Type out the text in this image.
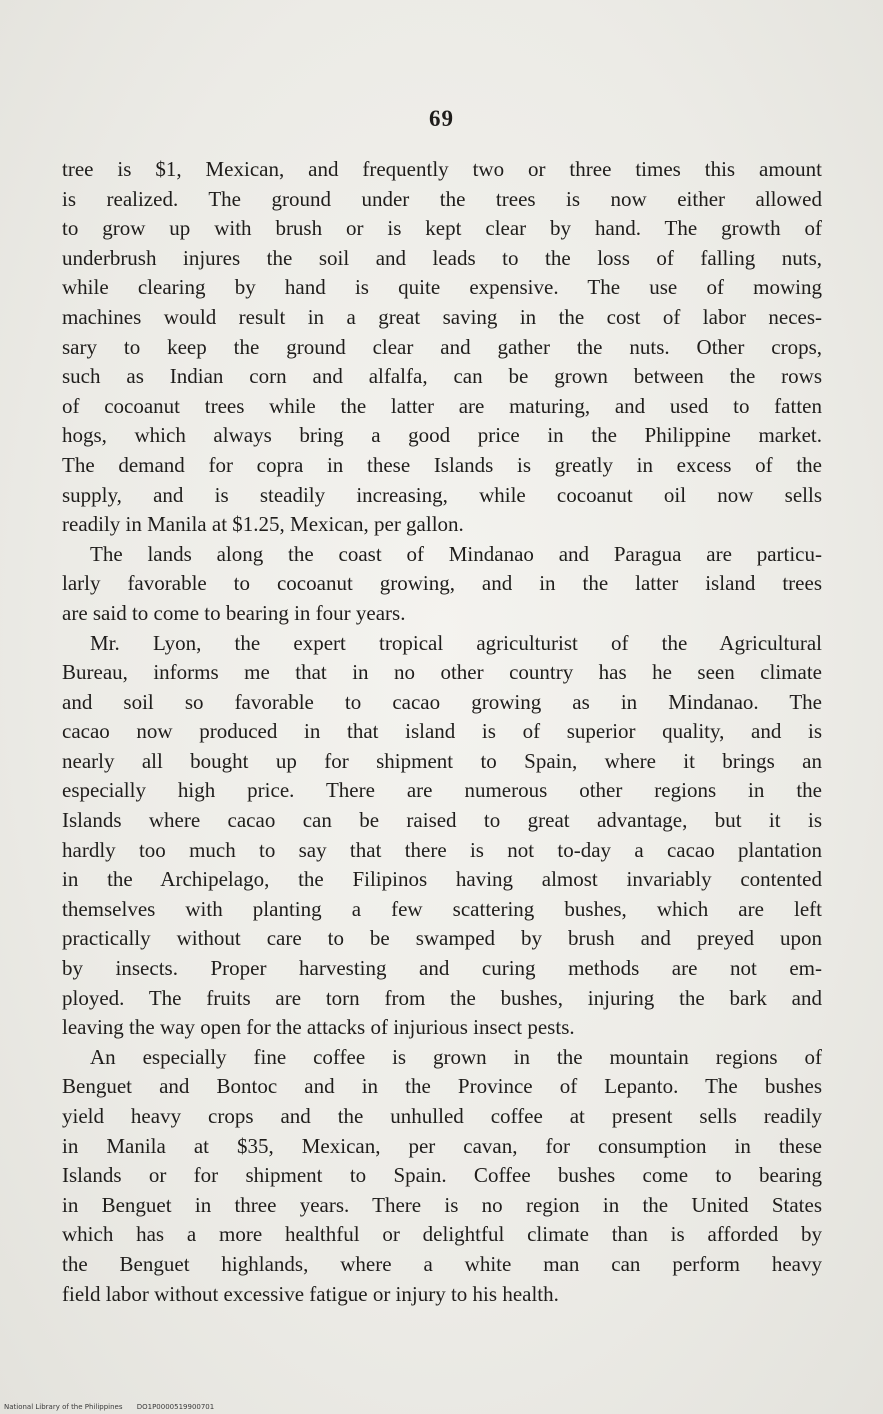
69

tree is $1, Mexican, and frequently two or three times this amount
is realized. The ground under the trees is now either allowed
to grow up with brush or is kept clear by hand. The growth of
underbrush injures the soil and leads to the loss of falling nuts,
while clearing by hand is quite expensive. The use of mowing
machines would result in a great saving in the cost of labor neces-
sary to keep the ground clear and gather the nuts. Other crops,
such as Indian corn and alfalfa, can be grown between the rows
of cocoanut trees while the latter are maturing, and used to fatten
hogs, which always bring a good price in the Philippine market.
The demand for copra in these Islands is greatly in excess of the
supply, and is steadily increasing, while cocoanut oil now sells
readily in Manila at $1.25, Mexican, per gallon.

The lands along the coast of Mindanao and Paragua are particu-
larly favorable to cocoanut growing, and in the latter island trees
are said to come to bearing in four years.

Mr. Lyon, the expert tropical agriculturist of the Agricultural
Bureau, informs me that in no other country has he seen climate
and soil so favorable to cacao growing as in Mindanao. The
cacao now produced in that island is of superior quality, and is
nearly all bought up for shipment to Spain, where it brings an
especially high price. There are numerous other regions in the
Islands where cacao can be raised to great advantage, but it is
hardly too much to say that there is not to-day a cacao plantation
in the Archipelago, the Filipinos having almost invariably contented
themselves with planting a few scattering bushes, which are left
practically without care to be swamped by brush and preyed upon
by insects. Proper harvesting and curing methods are not em-
ployed. The fruits are torn from the bushes, injuring the bark and
leaving the way open for the attacks of injurious insect pests.

An especially fine coffee is grown in the mountain regions of
Benguet and Bontoc and in the Province of Lepanto. The bushes
yield heavy crops and the unhulled coffee at present sells readily
in Manila at $35, Mexican, per cavan, for consumption in these
Islands or for shipment to Spain. Coffee bushes come to bearing
in Benguet in three years. There is no region in the United States
which has a more healthful or delightful climate than is afforded by
the Benguet highlands, where a white man can perform heavy
field labor without excessive fatigue or injury to his health.

National Library of the Philippines DO1P0000519900701
